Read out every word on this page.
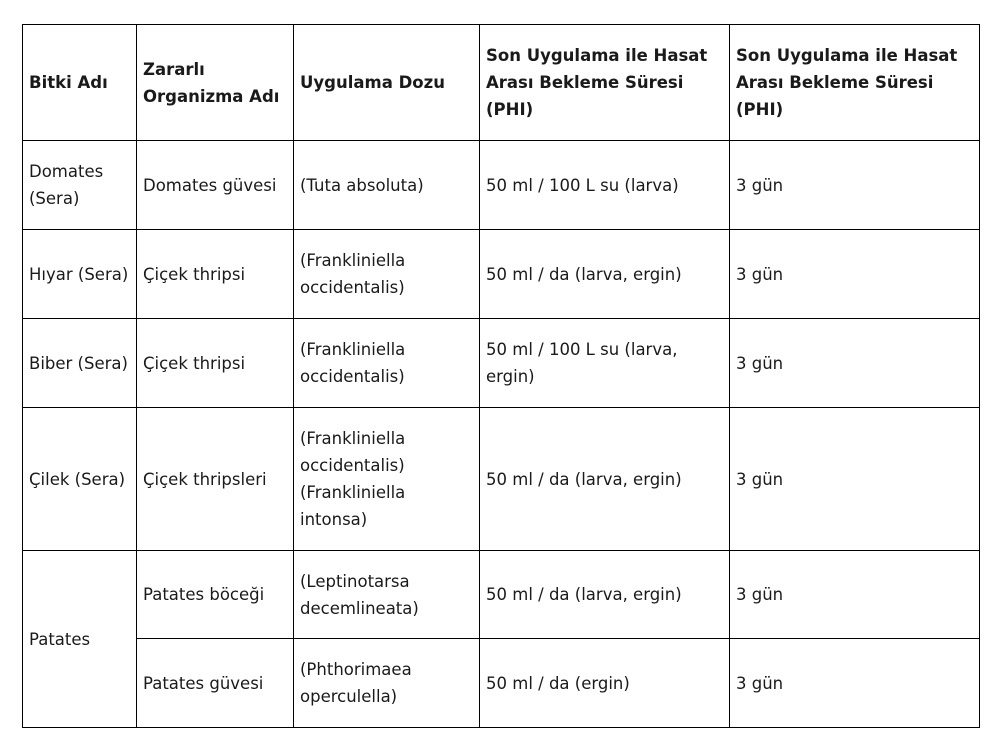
Bitki Adı	Zararlı Organizma Adı	Uygulama Dozu	Son Uygulama ile Hasat Arası Bekleme Süresi (PHI)	Son Uygulama ile Hasat Arası Bekleme Süresi (PHI)
Domates (Sera)	Domates güvesi	(Tuta absoluta)	50 ml / 100 L su (larva)	3 gün
Hıyar (Sera)	Çiçek thripsi	(Frankliniella occidentalis)	50 ml / da (larva, ergin)	3 gün
Biber (Sera)	Çiçek thripsi	(Frankliniella occidentalis)	50 ml / 100 L su (larva, ergin)	3 gün
Çilek (Sera)	Çiçek thripsleri	(Frankliniella occidentalis) (Frankliniella intonsa)	50 ml / da (larva, ergin)	3 gün
Patates	Patates böceği	(Leptinotarsa decemlineata)	50 ml / da (larva, ergin)	3 gün
	Patates güvesi	(Phthorimaea operculella)	50 ml / da (ergin)	3 gün
